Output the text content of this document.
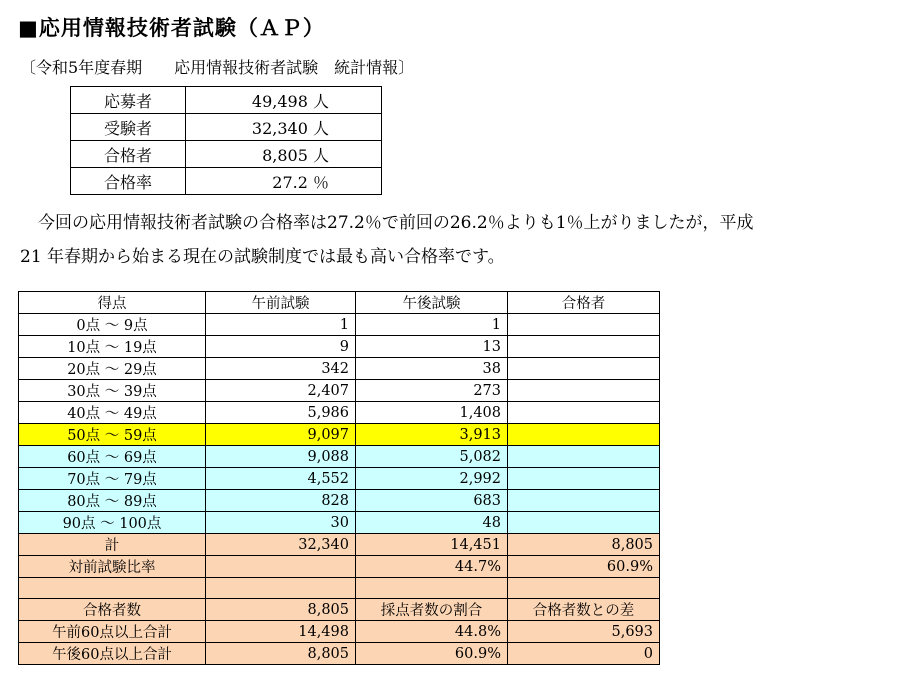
■応用情報技術者試験（ＡＰ）
〔令和5年度春期　　応用情報技術者試験　統計情報〕
応募者	49,498 人
受験者	32,340 人
合格者	8,805 人
合格率	27.2 ％
今回の応用情報技術者試験の合格率は27.2％で前回の26.2％よりも1％上がりましたが，平成
21 年春期から始まる現在の試験制度では最も高い合格率です。
得点	午前試験	午後試験	合格者
0点 ～ 9点	1	1	
10点 ～ 19点	9	13	
20点 ～ 29点	342	38	
30点 ～ 39点	2,407	273	
40点 ～ 49点	5,986	1,408	
50点 ～ 59点	9,097	3,913	
60点 ～ 69点	9,088	5,082	
70点 ～ 79点	4,552	2,992	
80点 ～ 89点	828	683	
90点 ～ 100点	30	48	
計	32,340	14,451	8,805
対前試験比率		44.7%	60.9%

合格者数	8,805	採点者数の割合	合格者数との差
午前60点以上合計	14,498	44.8%	5,693
午後60点以上合計	8,805	60.9%	0
